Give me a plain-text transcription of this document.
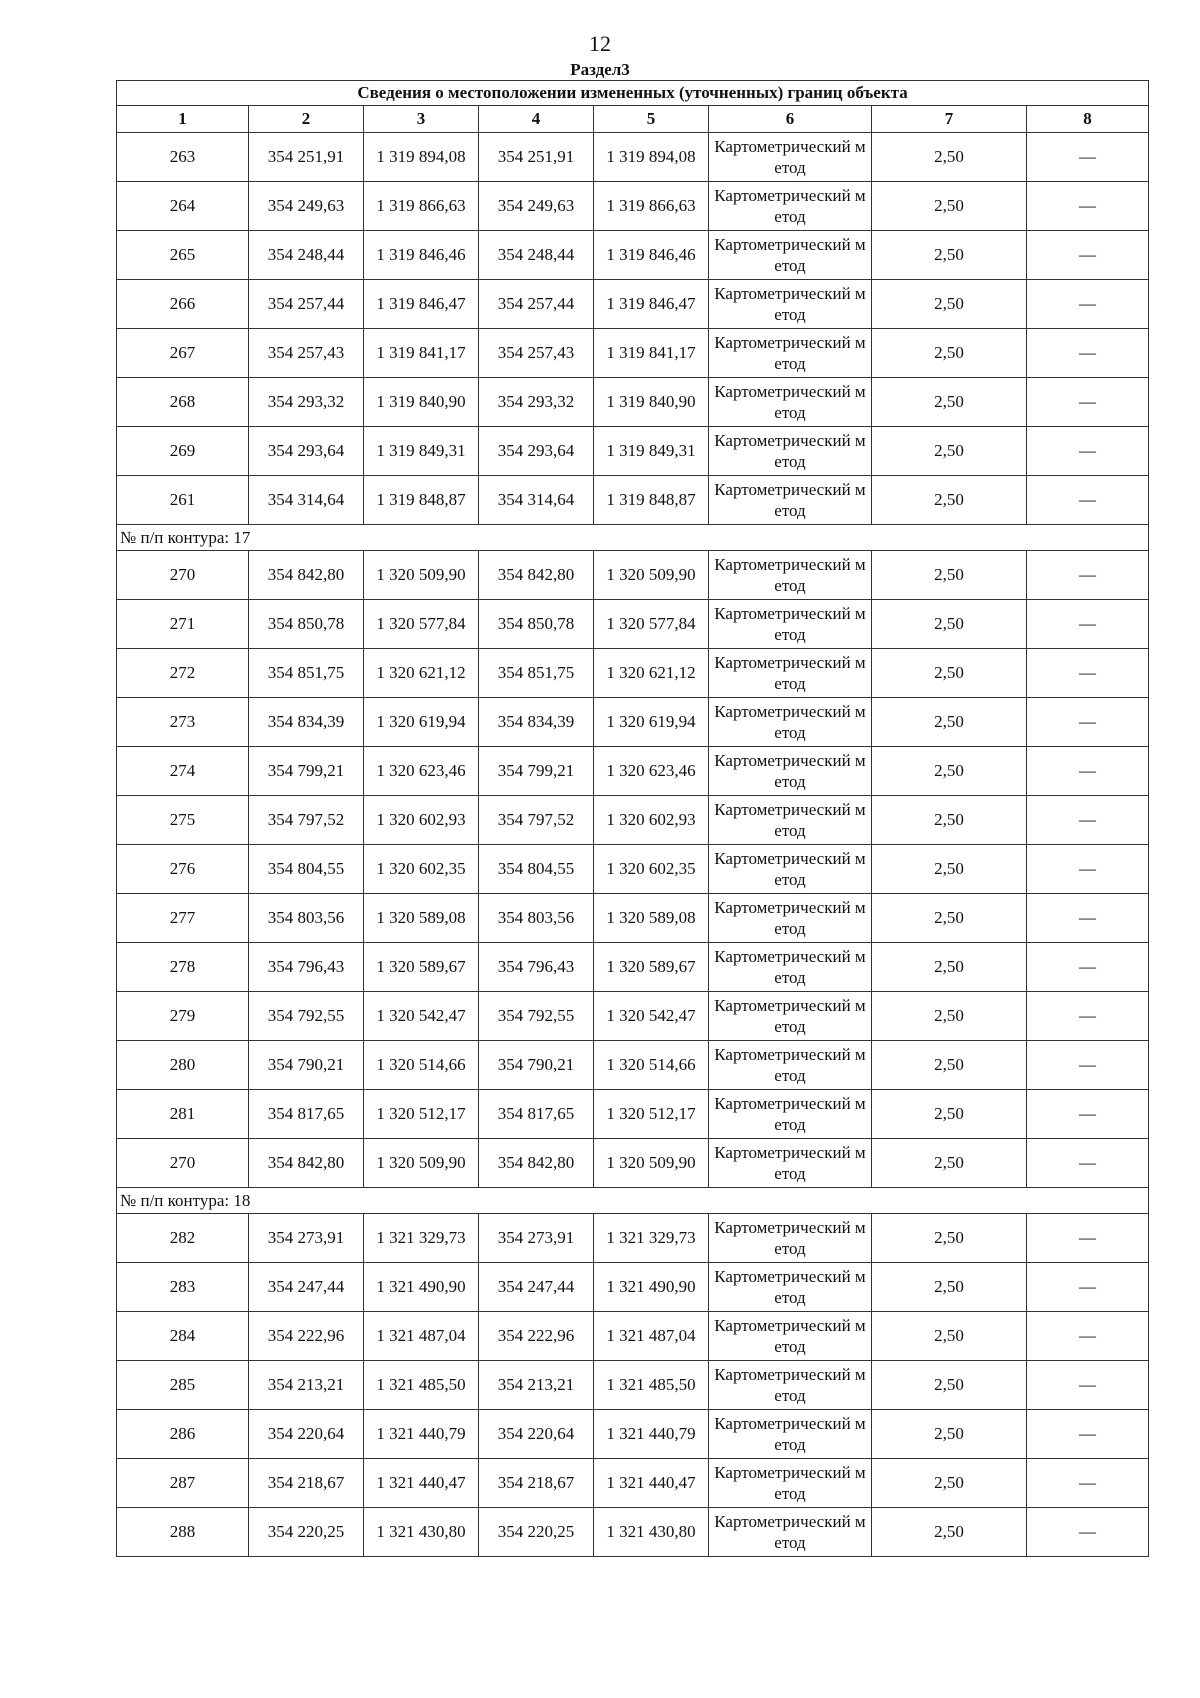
12
Раздел3
Сведения о местоположении измененных (уточненных) границ объекта							
1	2	3	4	5	6	7	8
263	354 251,91	1 319 894,08	354 251,91	1 319 894,08	Картометрический метод	2,50	—
264	354 249,63	1 319 866,63	354 249,63	1 319 866,63	Картометрический метод	2,50	—
265	354 248,44	1 319 846,46	354 248,44	1 319 846,46	Картометрический метод	2,50	—
266	354 257,44	1 319 846,47	354 257,44	1 319 846,47	Картометрический метод	2,50	—
267	354 257,43	1 319 841,17	354 257,43	1 319 841,17	Картометрический метод	2,50	—
268	354 293,32	1 319 840,90	354 293,32	1 319 840,90	Картометрический метод	2,50	—
269	354 293,64	1 319 849,31	354 293,64	1 319 849,31	Картометрический метод	2,50	—
261	354 314,64	1 319 848,87	354 314,64	1 319 848,87	Картометрический метод	2,50	—
№ п/п контура: 17							
270	354 842,80	1 320 509,90	354 842,80	1 320 509,90	Картометрический метод	2,50	—
271	354 850,78	1 320 577,84	354 850,78	1 320 577,84	Картометрический метод	2,50	—
272	354 851,75	1 320 621,12	354 851,75	1 320 621,12	Картометрический метод	2,50	—
273	354 834,39	1 320 619,94	354 834,39	1 320 619,94	Картометрический метод	2,50	—
274	354 799,21	1 320 623,46	354 799,21	1 320 623,46	Картометрический метод	2,50	—
275	354 797,52	1 320 602,93	354 797,52	1 320 602,93	Картометрический метод	2,50	—
276	354 804,55	1 320 602,35	354 804,55	1 320 602,35	Картометрический метод	2,50	—
277	354 803,56	1 320 589,08	354 803,56	1 320 589,08	Картометрический метод	2,50	—
278	354 796,43	1 320 589,67	354 796,43	1 320 589,67	Картометрический метод	2,50	—
279	354 792,55	1 320 542,47	354 792,55	1 320 542,47	Картометрический метод	2,50	—
280	354 790,21	1 320 514,66	354 790,21	1 320 514,66	Картометрический метод	2,50	—
281	354 817,65	1 320 512,17	354 817,65	1 320 512,17	Картометрический метод	2,50	—
270	354 842,80	1 320 509,90	354 842,80	1 320 509,90	Картометрический метод	2,50	—
№ п/п контура: 18							
282	354 273,91	1 321 329,73	354 273,91	1 321 329,73	Картометрический метод	2,50	—
283	354 247,44	1 321 490,90	354 247,44	1 321 490,90	Картометрический метод	2,50	—
284	354 222,96	1 321 487,04	354 222,96	1 321 487,04	Картометрический метод	2,50	—
285	354 213,21	1 321 485,50	354 213,21	1 321 485,50	Картометрический метод	2,50	—
286	354 220,64	1 321 440,79	354 220,64	1 321 440,79	Картометрический метод	2,50	—
287	354 218,67	1 321 440,47	354 218,67	1 321 440,47	Картометрический метод	2,50	—
288	354 220,25	1 321 430,80	354 220,25	1 321 430,80	Картометрический метод	2,50	—
